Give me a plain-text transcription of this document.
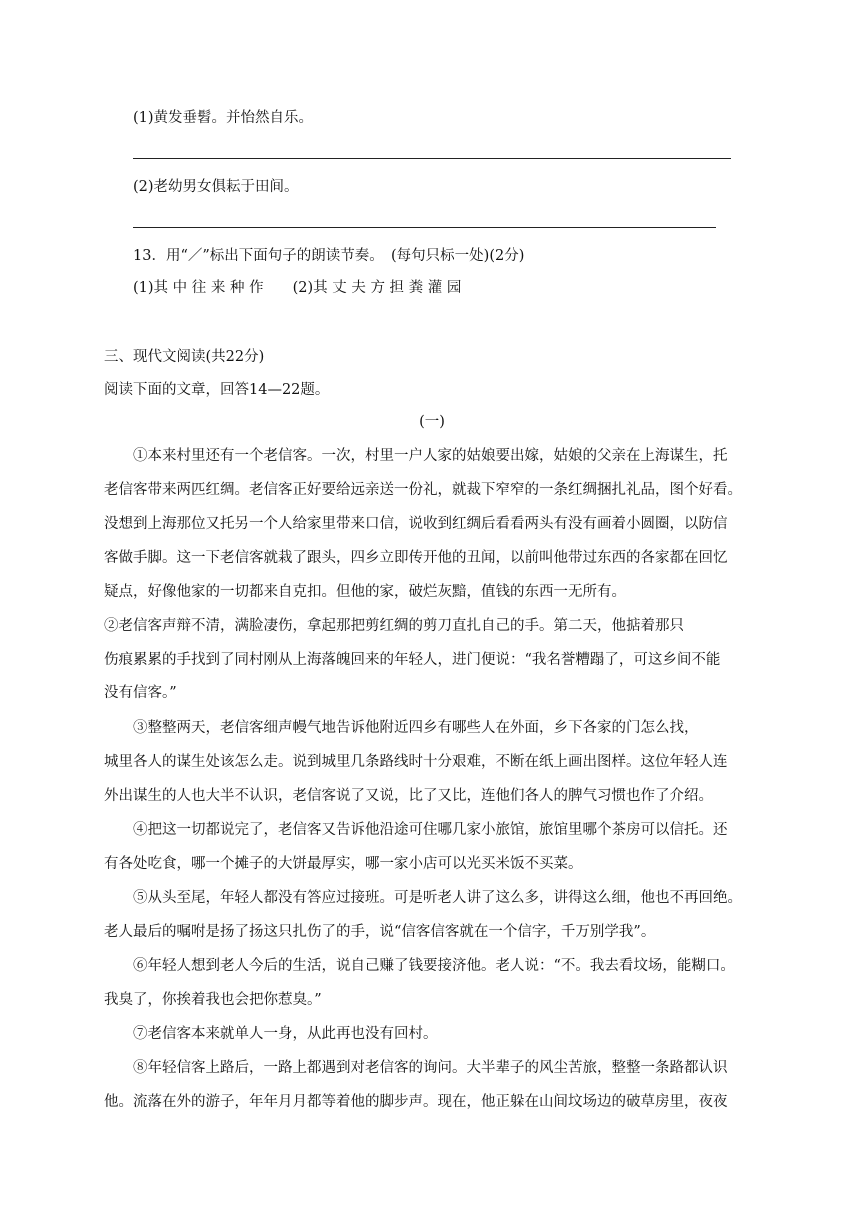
(1)黄发垂髫。并怡然自乐。
(2)老幼男女俱耘于田间。
13．用“／”标出下面句子的朗读节奏。　(每句只标一处)(2分)
(1)其 中 往 来 种 作　　(2)其 丈 夫 方 担 粪 灌 园
三、现代文阅读(共22分)
阅读下面的文章，回答14—22题。
(一)
①本来村里还有一个老信客。一次，村里一户人家的姑娘要出嫁，姑娘的父亲在上海谋生，托
老信客带来两匹红绸。老信客正好要给远亲送一份礼，就裁下窄窄的一条红绸捆扎礼品，图个好看。
没想到上海那位又托另一个人给家里带来口信，说收到红绸后看看两头有没有画着小圆圈，以防信
客做手脚。这一下老信客就栽了跟头，四乡立即传开他的丑闻，以前叫他带过东西的各家都在回忆
疑点，好像他家的一切都来自克扣。但他的家，破烂灰黯，值钱的东西一无所有。
②老信客声辩不清，满脸凄伤，拿起那把剪红绸的剪刀直扎自己的手。第二天，他掂着那只
伤痕累累的手找到了同村刚从上海落魄回来的年轻人，进门便说：“我名誉糟蹋了，可这乡间不能
没有信客。”
③整整两天，老信客细声幔气地告诉他附近四乡有哪些人在外面，乡下各家的门怎么找，
城里各人的谋生处该怎么走。说到城里几条路线时十分艰难，不断在纸上画出图样。这位年轻人连
外出谋生的人也大半不认识，老信客说了又说，比了又比，连他们各人的脾气习惯也作了介绍。
④把这一切都说完了，老信客又告诉他沿途可住哪几家小旅馆，旅馆里哪个茶房可以信托。还
有各处吃食，哪一个摊子的大饼最厚实，哪一家小店可以光买米饭不买菜。
⑤从头至尾，年轻人都没有答应过接班。可是听老人讲了这么多，讲得这么细，他也不再回绝。
老人最后的嘱咐是扬了扬这只扎伤了的手，说“信客信客就在一个信字，千万别学我”。
⑥年轻人想到老人今后的生活，说自己赚了钱要接济他。老人说：“不。我去看坟场，能糊口。
我臭了，你挨着我也会把你惹臭。”
⑦老信客本来就单人一身，从此再也没有回村。
⑧年轻信客上路后，一路上都遇到对老信客的询问。大半辈子的风尘苦旅，整整一条路都认识
他。流落在外的游子，年年月月都等着他的脚步声。现在，他正躲在山间坟场边的破草房里，夜夜
